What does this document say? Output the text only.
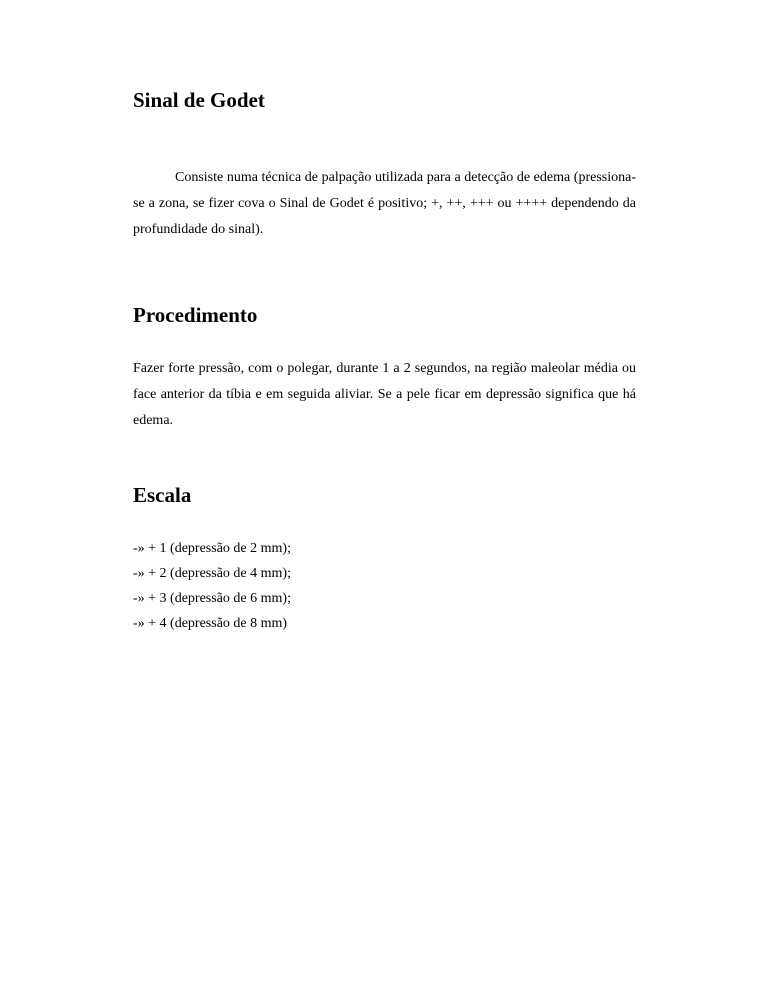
Sinal de Godet

Consiste numa técnica de palpação utilizada para a detecção de edema (pressiona-se a zona, se fizer cova o Sinal de Godet é positivo; +, ++, +++ ou ++++ dependendo da profundidade do sinal).

Procedimento

Fazer forte pressão, com o polegar, durante 1 a 2 segundos, na região maleolar média ou face anterior da tíbia e em seguida aliviar. Se a pele ficar em depressão significa que há edema.

Escala
-» + 1 (depressão de 2 mm);
-» + 2 (depressão de 4 mm);
-» + 3 (depressão de 6 mm);
-» + 4 (depressão de 8 mm)
